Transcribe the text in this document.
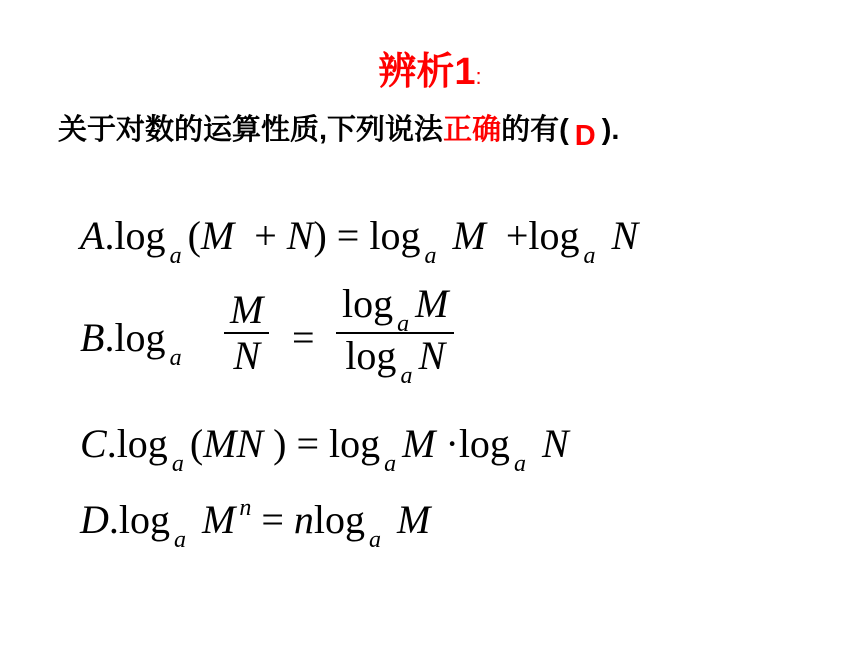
辨析1:
关于对数的运算性质,下列说法正确的有( D ).
A.log $_a$ (M + N) = log $_a$ M +log $_a$ N
B.log $_a$
M
N =
log $_a$ M
log $_a$ N
C.log $_a$ (MN ) = log $_a$ M ·log $_a$ N
D.log $_a$ M $^n$ = nlog $_a$ M
